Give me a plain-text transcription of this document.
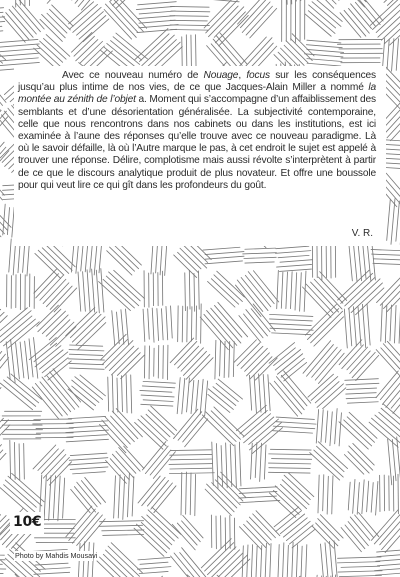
Avec ce nouveau numéro de Nouage, focus sur les conséquences jusqu’au plus intime de nos vies, de ce que Jacques-Alain Miller a nommé la montée au zénith de l’objet a. Moment qui s’accompagne d’un affaiblissement des semblants et d’une désorientation généralisée. La subjectivité contemporaine, celle que nous rencontrons dans nos cabinets ou dans les institutions, est ici examinée à l’aune des réponses qu’elle trouve avec ce nouveau paradigme. Là où le savoir défaille, là où l’Autre marque le pas, à cet endroit le sujet est appelé à trouver une réponse. Délire, complotisme mais aussi révolte s’interprètent à partir de ce que le discours analytique produit de plus novateur. Et offre une boussole pour qui veut lire ce qui gît dans les profondeurs du goût.

V. R.

10€

Photo by Mahdis Mousavi
